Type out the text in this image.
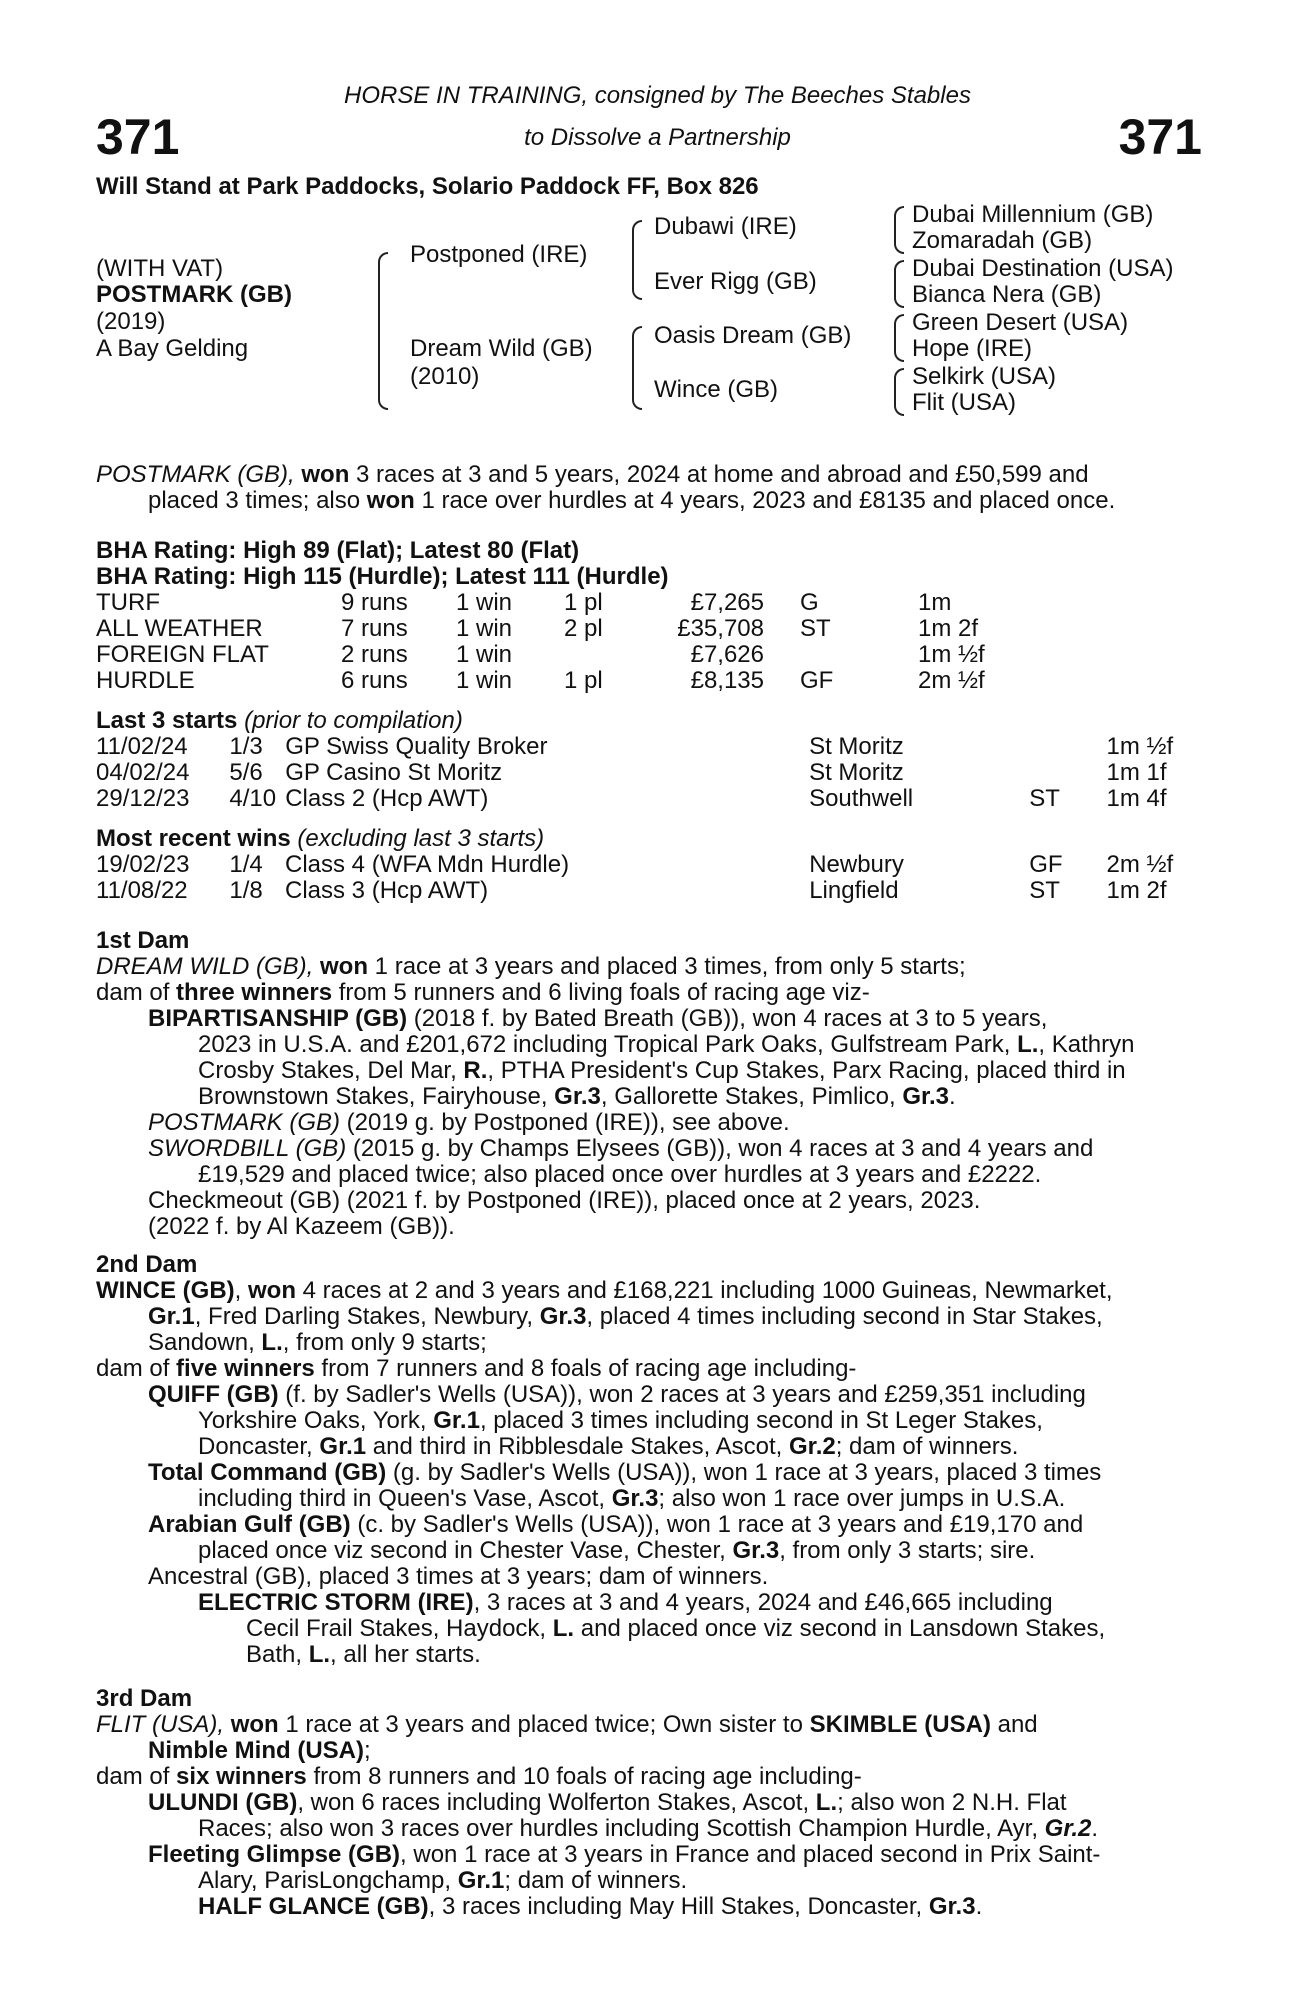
371	371
HORSE IN TRAINING, consigned by The Beeches Stables
to Dissolve a Partnership
Will Stand at Park Paddocks, Solario Paddock FF, Box 826
(WITH VAT)
POSTMARK (GB)
(2019)
A Bay Gelding
Postponed (IRE)
Dream Wild (GB)
(2010)
Dubawi (IRE)
Ever Rigg (GB)
Oasis Dream (GB)
Wince (GB)
Dubai Millennium (GB)
Zomaradah (GB)
Dubai Destination (USA)
Bianca Nera (GB)
Green Desert (USA)
Hope (IRE)
Selkirk (USA)
Flit (USA)
POSTMARK (GB), won 3 races at 3 and 5 years, 2024 at home and abroad and £50,599 and
placed 3 times; also won 1 race over hurdles at 4 years, 2023 and £8135 and placed once.
BHA Rating: High 89 (Flat); Latest 80 (Flat)
BHA Rating: High 115 (Hurdle); Latest 111 (Hurdle)
TURF	9 runs	1 win	1 pl	£7,265	G	1m
ALL WEATHER	7 runs	1 win	2 pl	£35,708	ST	1m 2f
FOREIGN FLAT	2 runs	1 win		£7,626		1m ½f
HURDLE	6 runs	1 win	1 pl	£8,135	GF	2m ½f
Last 3 starts (prior to compilation)
11/02/24	1/3	GP Swiss Quality Broker	St Moritz		1m ½f
04/02/24	5/6	GP Casino St Moritz	St Moritz		1m 1f
29/12/23	4/10	Class 2 (Hcp AWT)	Southwell	ST	1m 4f
Most recent wins (excluding last 3 starts)
19/02/23	1/4	Class 4 (WFA Mdn Hurdle)	Newbury	GF	2m ½f
11/08/22	1/8	Class 3 (Hcp AWT)	Lingfield	ST	1m 2f
1st Dam
DREAM WILD (GB), won 1 race at 3 years and placed 3 times, from only 5 starts;
dam of three winners from 5 runners and 6 living foals of racing age viz-
BIPARTISANSHIP (GB) (2018 f. by Bated Breath (GB)), won 4 races at 3 to 5 years,
2023 in U.S.A. and £201,672 including Tropical Park Oaks, Gulfstream Park, L., Kathryn
Crosby Stakes, Del Mar, R., PTHA President's Cup Stakes, Parx Racing, placed third in
Brownstown Stakes, Fairyhouse, Gr.3, Gallorette Stakes, Pimlico, Gr.3.
POSTMARK (GB) (2019 g. by Postponed (IRE)), see above.
SWORDBILL (GB) (2015 g. by Champs Elysees (GB)), won 4 races at 3 and 4 years and
£19,529 and placed twice; also placed once over hurdles at 3 years and £2222.
Checkmeout (GB) (2021 f. by Postponed (IRE)), placed once at 2 years, 2023.
(2022 f. by Al Kazeem (GB)).
2nd Dam
WINCE (GB), won 4 races at 2 and 3 years and £168,221 including 1000 Guineas, Newmarket,
Gr.1, Fred Darling Stakes, Newbury, Gr.3, placed 4 times including second in Star Stakes,
Sandown, L., from only 9 starts;
dam of five winners from 7 runners and 8 foals of racing age including-
QUIFF (GB) (f. by Sadler's Wells (USA)), won 2 races at 3 years and £259,351 including
Yorkshire Oaks, York, Gr.1, placed 3 times including second in St Leger Stakes,
Doncaster, Gr.1 and third in Ribblesdale Stakes, Ascot, Gr.2; dam of winners.
Total Command (GB) (g. by Sadler's Wells (USA)), won 1 race at 3 years, placed 3 times
including third in Queen's Vase, Ascot, Gr.3; also won 1 race over jumps in U.S.A.
Arabian Gulf (GB) (c. by Sadler's Wells (USA)), won 1 race at 3 years and £19,170 and
placed once viz second in Chester Vase, Chester, Gr.3, from only 3 starts; sire.
Ancestral (GB), placed 3 times at 3 years; dam of winners.
ELECTRIC STORM (IRE), 3 races at 3 and 4 years, 2024 and £46,665 including
Cecil Frail Stakes, Haydock, L. and placed once viz second in Lansdown Stakes,
Bath, L., all her starts.
3rd Dam
FLIT (USA), won 1 race at 3 years and placed twice; Own sister to SKIMBLE (USA) and
Nimble Mind (USA);
dam of six winners from 8 runners and 10 foals of racing age including-
ULUNDI (GB), won 6 races including Wolferton Stakes, Ascot, L.; also won 2 N.H. Flat
Races; also won 3 races over hurdles including Scottish Champion Hurdle, Ayr, Gr.2.
Fleeting Glimpse (GB), won 1 race at 3 years in France and placed second in Prix Saint-
Alary, ParisLongchamp, Gr.1; dam of winners.
HALF GLANCE (GB), 3 races including May Hill Stakes, Doncaster, Gr.3.
